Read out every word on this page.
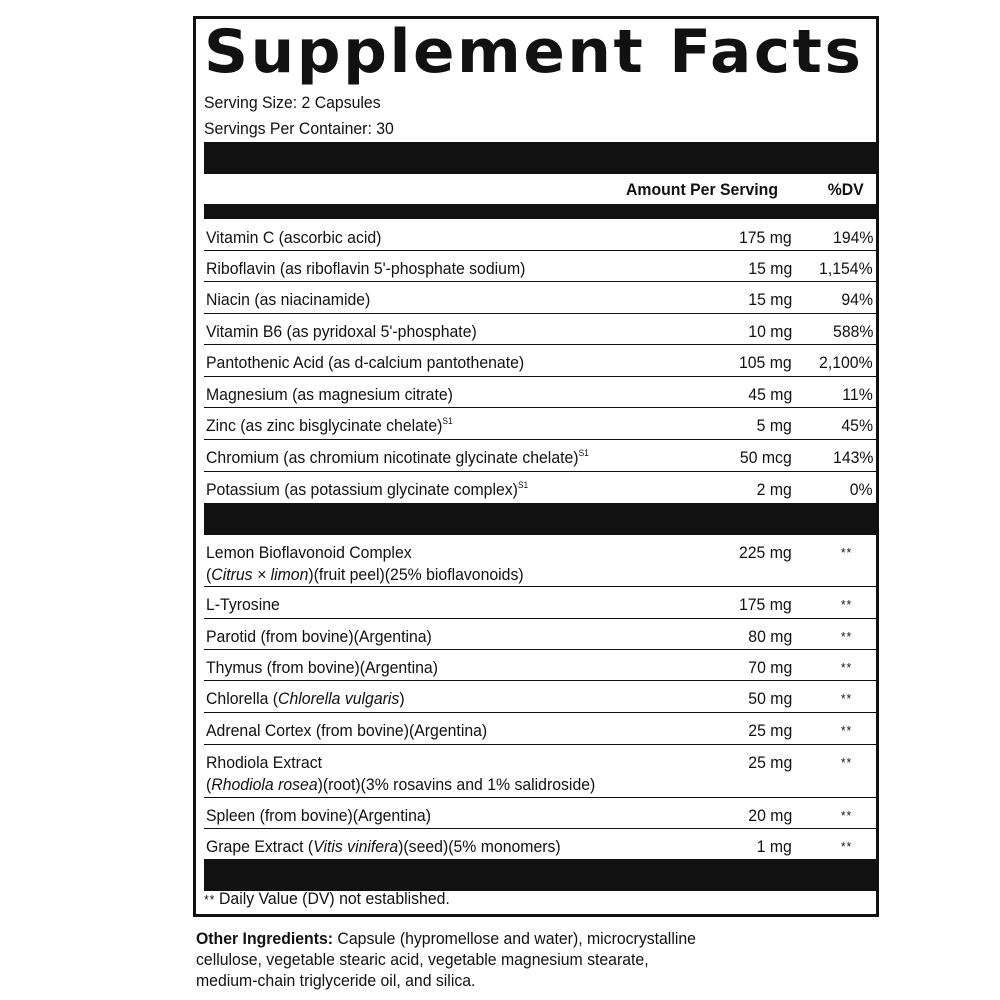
Supplement Facts
Serving Size: 2 Capsules
Servings Per Container: 30
Amount Per Serving	%DV
Vitamin C (ascorbic acid)	175 mg 194%
Riboflavin (as riboflavin 5'-phosphate sodium)	15 mg 1,154%
Niacin (as niacinamide)	15 mg	94%
Vitamin B6 (as pyridoxal 5'-phosphate)	10 mg 588%
Pantothenic Acid (as d-calcium pantothenate)	105 mg 2,100%
Magnesium (as magnesium citrate)	45 mg	11%
Zinc (as zinc bisglycinate chelate)$^{S1}$	5 mg	45%
Chromium (as chromium nicotinate glycinate chelate)$^{S1}$	50 mcg 143%
Potassium (as potassium glycinate complex)$^{S1}$	2 mg	0%
Lemon Bioflavonoid Complex
(Citrus × limon)(fruit peel)(25% bioflavonoids)
225 mg	**
L-Tyrosine	175 mg	**
Parotid (from bovine)(Argentina)	80 mg	**
Thymus (from bovine)(Argentina)	70 mg	**
Chlorella (Chlorella vulgaris)	50 mg	**
Adrenal Cortex (from bovine)(Argentina)	25 mg	**
Rhodiola Extract
(Rhodiola rosea)(root)(3% rosavins and 1% salidroside)
25 mg	**
Spleen (from bovine)(Argentina)	20 mg	**
Grape Extract (Vitis vinifera)(seed)(5% monomers)	1 mg	**
** Daily Value (DV) not established.
Other Ingredients: Capsule (hypromellose and water), microcrystalline
cellulose, vegetable stearic acid, vegetable magnesium stearate,
medium-chain triglyceride oil, and silica.
